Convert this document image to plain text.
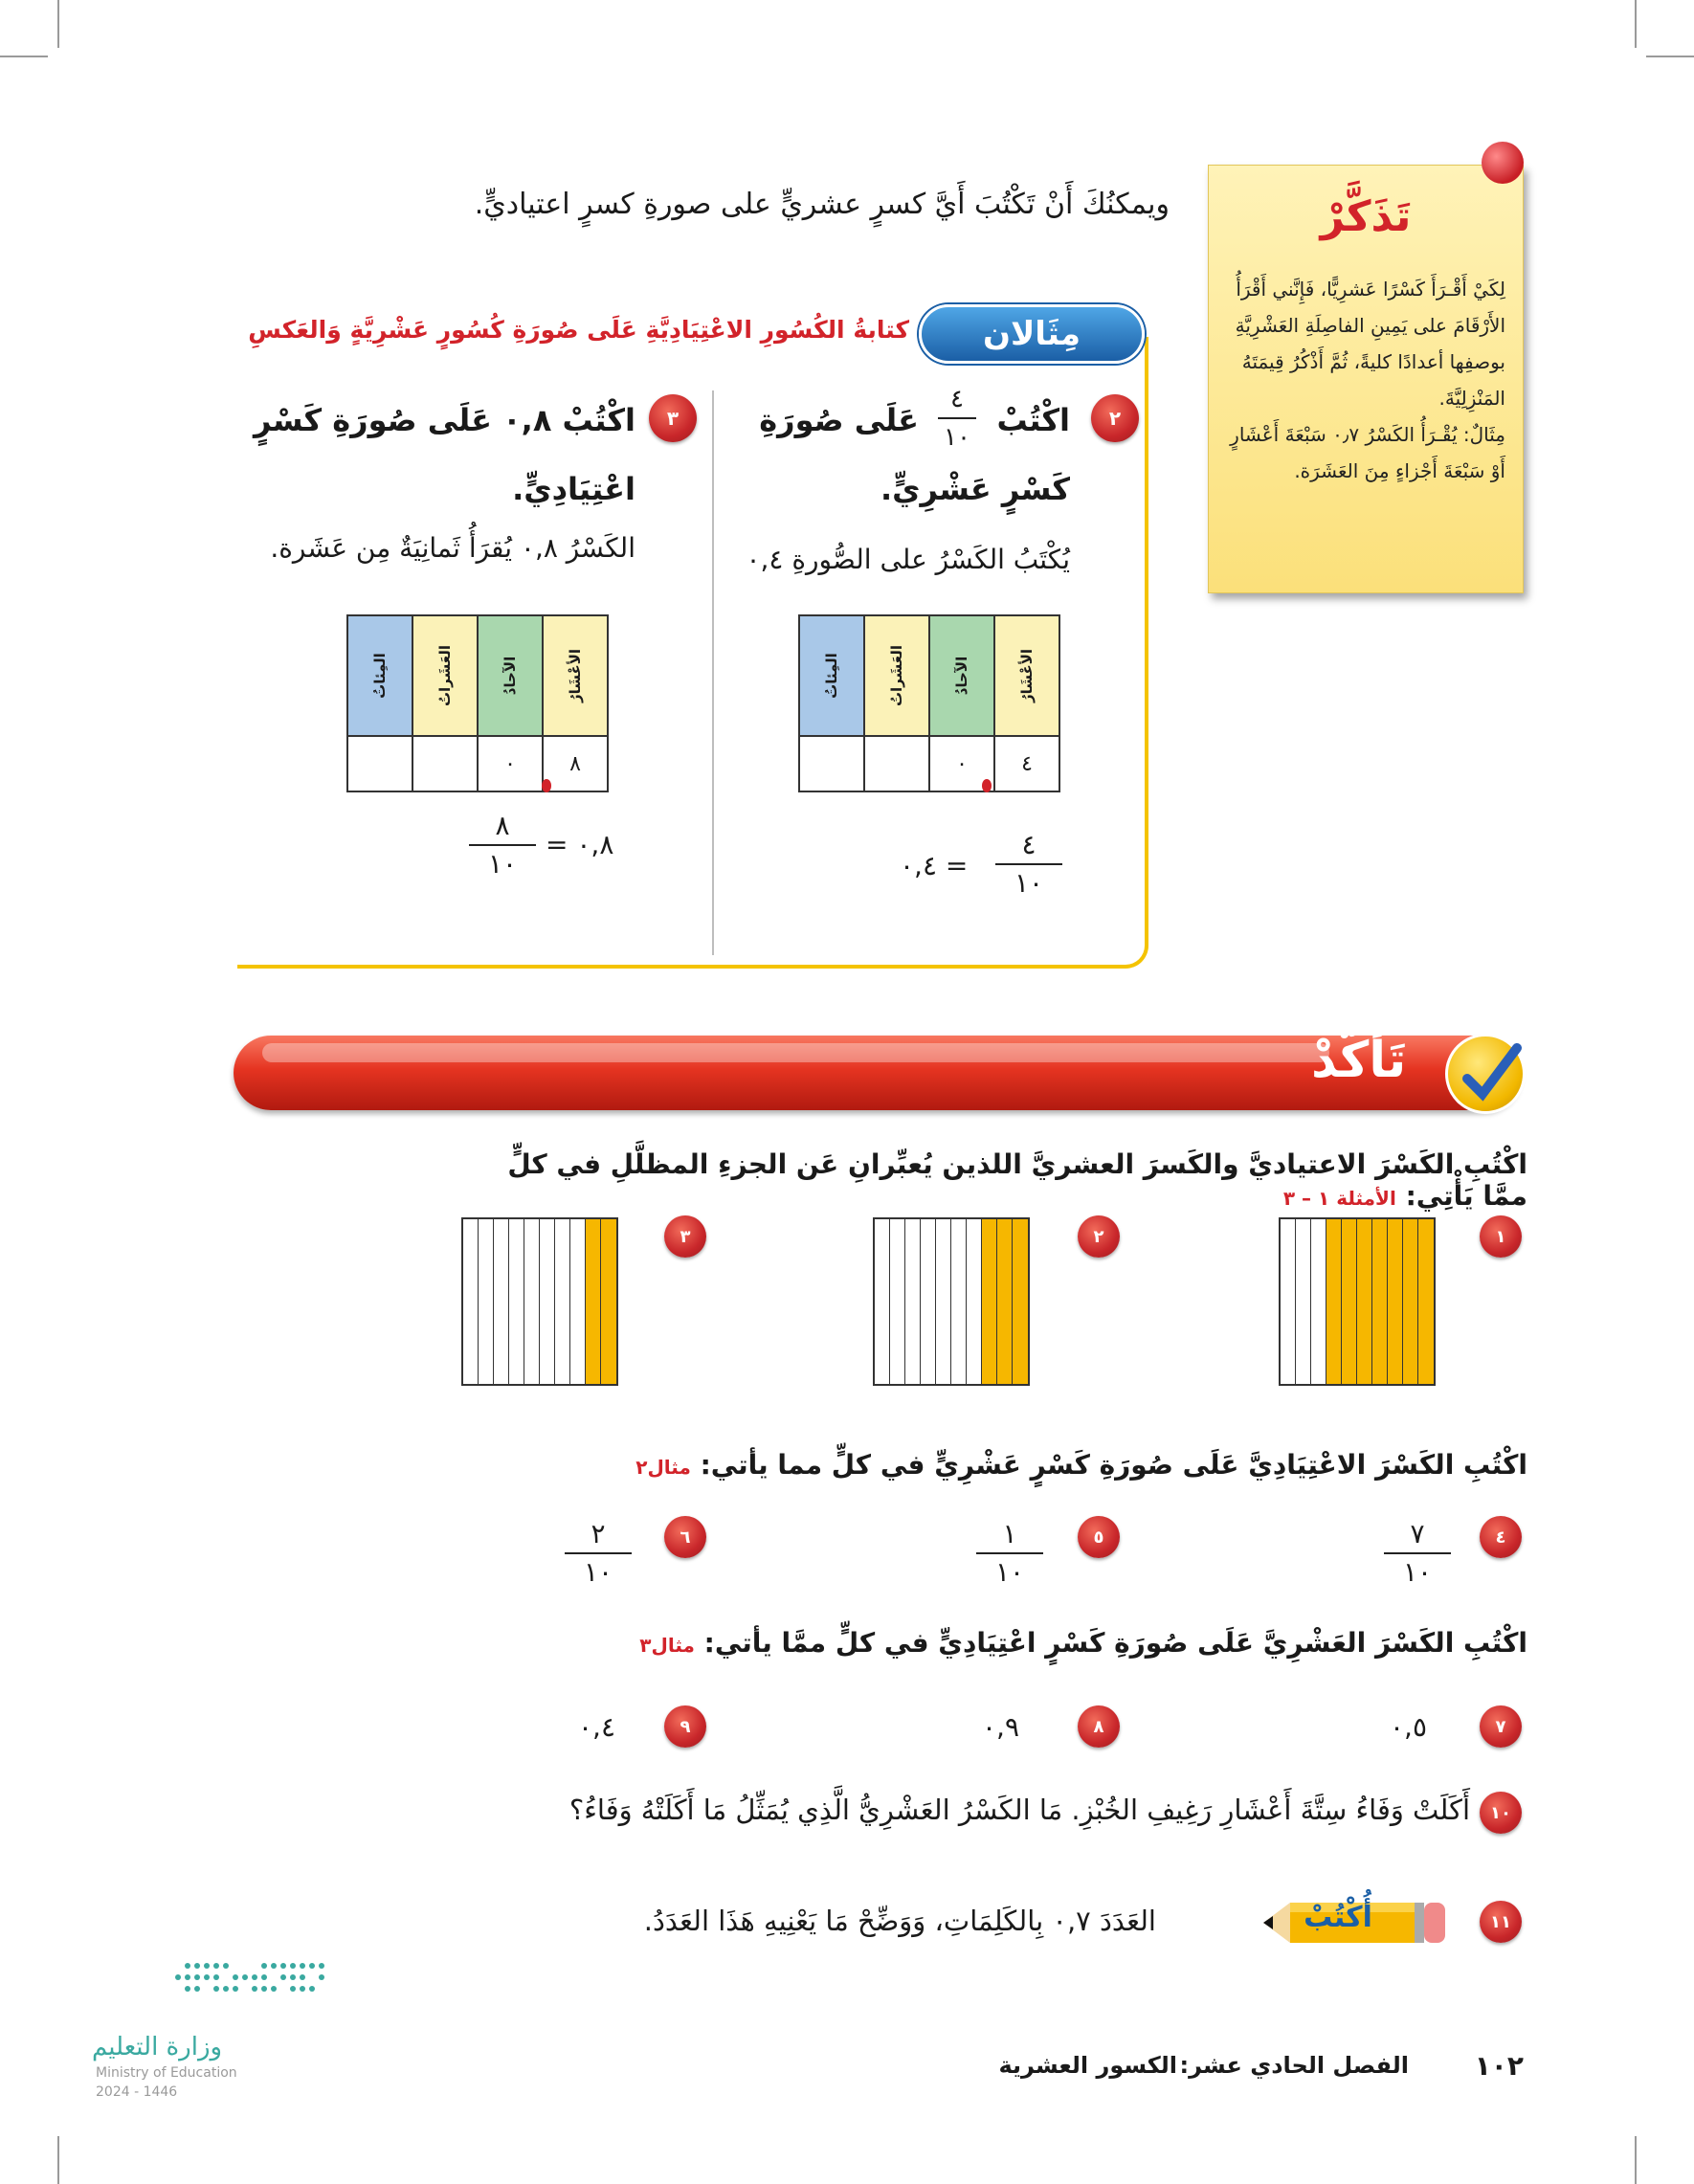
ويمكنُكَ أَنْ تَكْتُبَ أَيَّ كسرٍ عشريٍّ على صورةِ كسرٍ اعتياديٍّ.	تَذَكَّرْ
لِكَيْ أَقْـرَأَ كَسْرًا عَشرِيًّا، فَإِنَّني أَقْرَأُ الأَرْقَامَ على يَمِينِ الفاصِلَةِ العَشْرِيَّةِ بوصفِها أعدادًا كليةً، ثُمَّ أَذْكُرُ قِيمَتَهُ المَنْزِلِيَّةَ.
مِثَالٌ: يُقْـرَأُ الكَسْرُ ٠٫٧ سَبْعَةَ أَعْشَارٍ أَوْ سَبْعَةَ أَجْزاءٍ مِنَ العَشَرَة.
مِثَالان
كتابةُ الكُسُورِ الاعْتِيَادِيَّةِ عَلَى صُورَةِ كُسُورٍ عَشْرِيَّةٍ وَالعَكسِ
٢
اكْتُبْ
٤
١٠
عَلَى صُورَةِ
كَسْرٍ عَشْرِيٍّ.
يُكْتَبُ الكَسْرُ على الصُّورةِ ٠,٤
المِئاتُ	العَشَراتُ	الآحادُ	الأعْشَارُ
		٠	٤
٠,٤ =
٤
١٠
٣
اكْتُبْ ٠,٨ عَلَى صُورَةِ كَسْرٍ
اعْتِيَادِيٍّ.
الكَسْرُ ٠,٨ يُقرَأُ ثَمانِيَةٌ مِن عَشَرة.
المِئاتُ	العَشَراتُ	الآحادُ	الأعْشَارُ
		٠	٨
٨
١٠
= ٠,٨
تَأَكَّدْ
اكْتُبِ الكَسْرَ الاعتياديَّ والكَسرَ العشريَّ اللذين يُعبِّرانِ عَن الجزءِ المظلَّلِ في كلٍّ ممَّا يَأْتِي: الأمثلة ١ – ٣
١
٢
٣
اكْتُبِ الكَسْرَ الاعْتِيَادِيَّ عَلَى صُورَةِ كَسْرٍ عَشْرِيٍّ في كلٍّ مما يأتي: مثال٢
٤
٧
١٠
٥
١
١٠
٦
٢
١٠
اكْتُبِ الكَسْرَ العَشْرِيَّ عَلَى صُورَةِ كَسْرٍ اعْتِيَادِيٍّ في كلٍّ ممَّا يأتي: مثال٣
٧
٠,٥
٨
٠,٩
٩
٠,٤
١٠
أَكَلَتْ وَفَاءُ سِتَّةَ أَعْشَارِ رَغِيفِ الخُبْزِ. مَا الكَسْرُ العَشْرِيُّ الَّذِي يُمَثِّلُ مَا أَكَلَتْهُ وَفَاءُ؟
١١
أُكْتُبْ
العَدَدَ ٠,٧ بِالكَلِمَاتِ، وَوَضِّحْ مَا يَعْنِيهِ هَذَا العَدَدُ.
وزارة التعليم
Ministry of Education
2024 - 1446
١٠٢
الفصل الحادي عشر:
الكسور العشرية
